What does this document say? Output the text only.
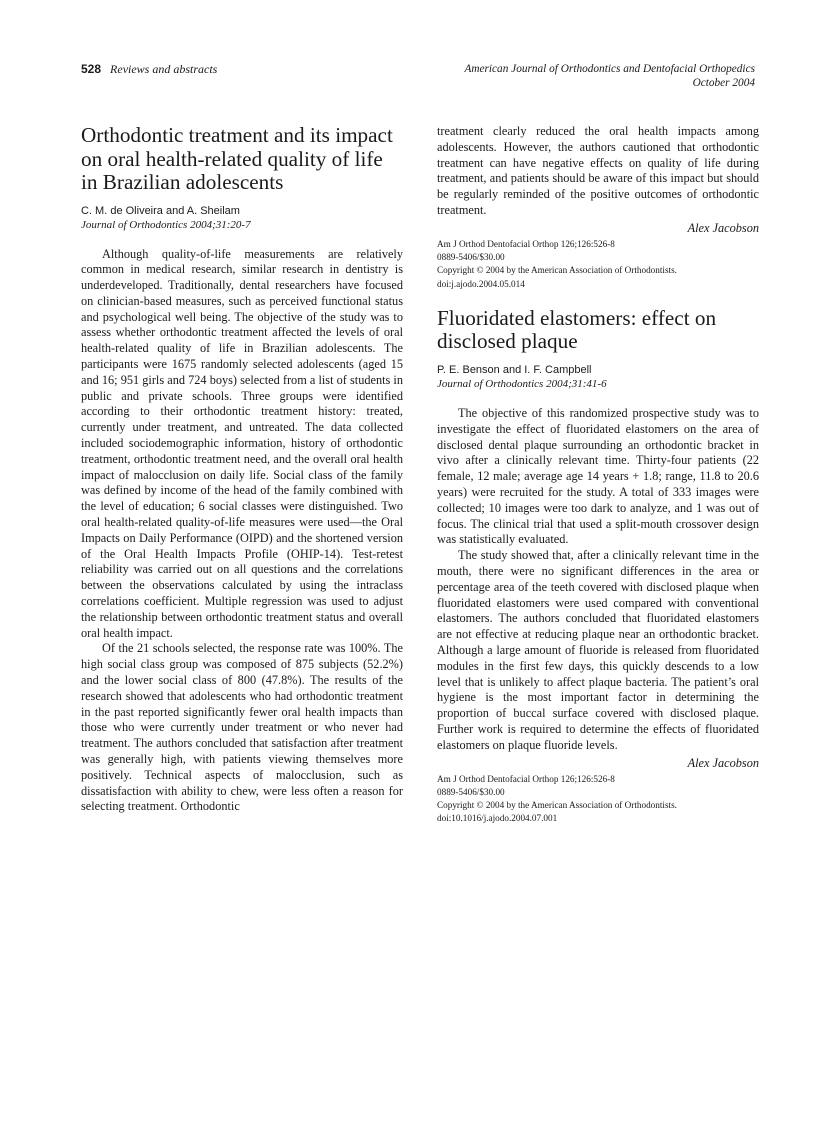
528 Reviews and abstracts	American Journal of Orthodontics and Dentofacial Orthopedics
October 2004
Orthodontic treatment and its impact on oral health-related quality of life in Brazilian adolescents
C. M. de Oliveira and A. Sheilam
Journal of Orthodontics 2004;31:20-7

Although quality-of-life measurements are relatively common in medical research, similar research in dentistry is underdeveloped. Traditionally, dental researchers have focused on clinician-based measures, such as perceived functional status and psychological well being. The objective of the study was to assess whether orthodontic treatment affected the levels of oral health-related quality of life in Brazilian adolescents. The participants were 1675 randomly selected adolescents (aged 15 and 16; 951 girls and 724 boys) selected from a list of students in public and private schools. Three groups were identified according to their orthodontic treatment history: treated, currently under treatment, and untreated. The data collected included sociodemographic information, history of orthodontic treatment, orthodontic treatment need, and the overall oral health impact of malocclusion on daily life. Social class of the family was defined by income of the head of the family combined with the level of education; 6 social classes were distinguished. Two oral health-related quality-of-life measures were used—the Oral Impacts on Daily Performance (OIPD) and the shortened version of the Oral Health Impacts Profile (OHIP-14). Test-retest reliability was carried out on all questions and the correlations between the observations calculated by using the intraclass correlations coefficient. Multiple regression was used to adjust the relationship between orthodontic treatment status and overall oral health impact.

Of the 21 schools selected, the response rate was 100%. The high social class group was composed of 875 subjects (52.2%) and the lower social class of 800 (47.8%). The results of the research showed that adolescents who had orthodontic treatment in the past reported significantly fewer oral health impacts than those who were currently under treatment or who never had treatment. The authors concluded that satisfaction after treatment was generally high, with patients viewing themselves more positively. Technical aspects of malocclusion, such as dissatisfaction with ability to chew, were less often a reason for selecting treatment. Orthodontic

treatment clearly reduced the oral health impacts among adolescents. However, the authors cautioned that orthodontic treatment can have negative effects on quality of life during treatment, and patients should be aware of this impact but should be regularly reminded of the positive outcomes of orthodontic treatment.

Alex Jacobson
Am J Orthod Dentofacial Orthop 126;126:526-8
0889-5406/$30.00
Copyright © 2004 by the American Association of Orthodontists.
doi:j.ajodo.2004.05.014
Fluoridated elastomers: effect on disclosed plaque
P. E. Benson and I. F. Campbell
Journal of Orthodontics 2004;31:41-6

The objective of this randomized prospective study was to investigate the effect of fluoridated elastomers on the area of disclosed dental plaque surrounding an orthodontic bracket in vivo after a clinically relevant time. Thirty-four patients (22 female, 12 male; average age 14 years + 1.8; range, 11.8 to 20.6 years) were recruited for the study. A total of 333 images were collected; 10 images were too dark to analyze, and 1 was out of focus. The clinical trial that used a split-mouth crossover design was statistically evaluated.

The study showed that, after a clinically relevant time in the mouth, there were no significant differences in the area or percentage area of the teeth covered with disclosed plaque when fluoridated elastomers were used compared with conventional elastomers. The authors concluded that fluoridated elastomers are not effective at reducing plaque near an orthodontic bracket. Although a large amount of fluoride is released from fluoridated modules in the first few days, this quickly descends to a low level that is unlikely to affect plaque bacteria. The patient’s oral hygiene is the most important factor in determining the proportion of buccal surface covered with disclosed plaque. Further work is required to determine the effects of fluoridated elastomers on plaque fluoride levels.

Alex Jacobson
Am J Orthod Dentofacial Orthop 126;126:526-8
0889-5406/$30.00
Copyright © 2004 by the American Association of Orthodontists.
doi:10.1016/j.ajodo.2004.07.001
